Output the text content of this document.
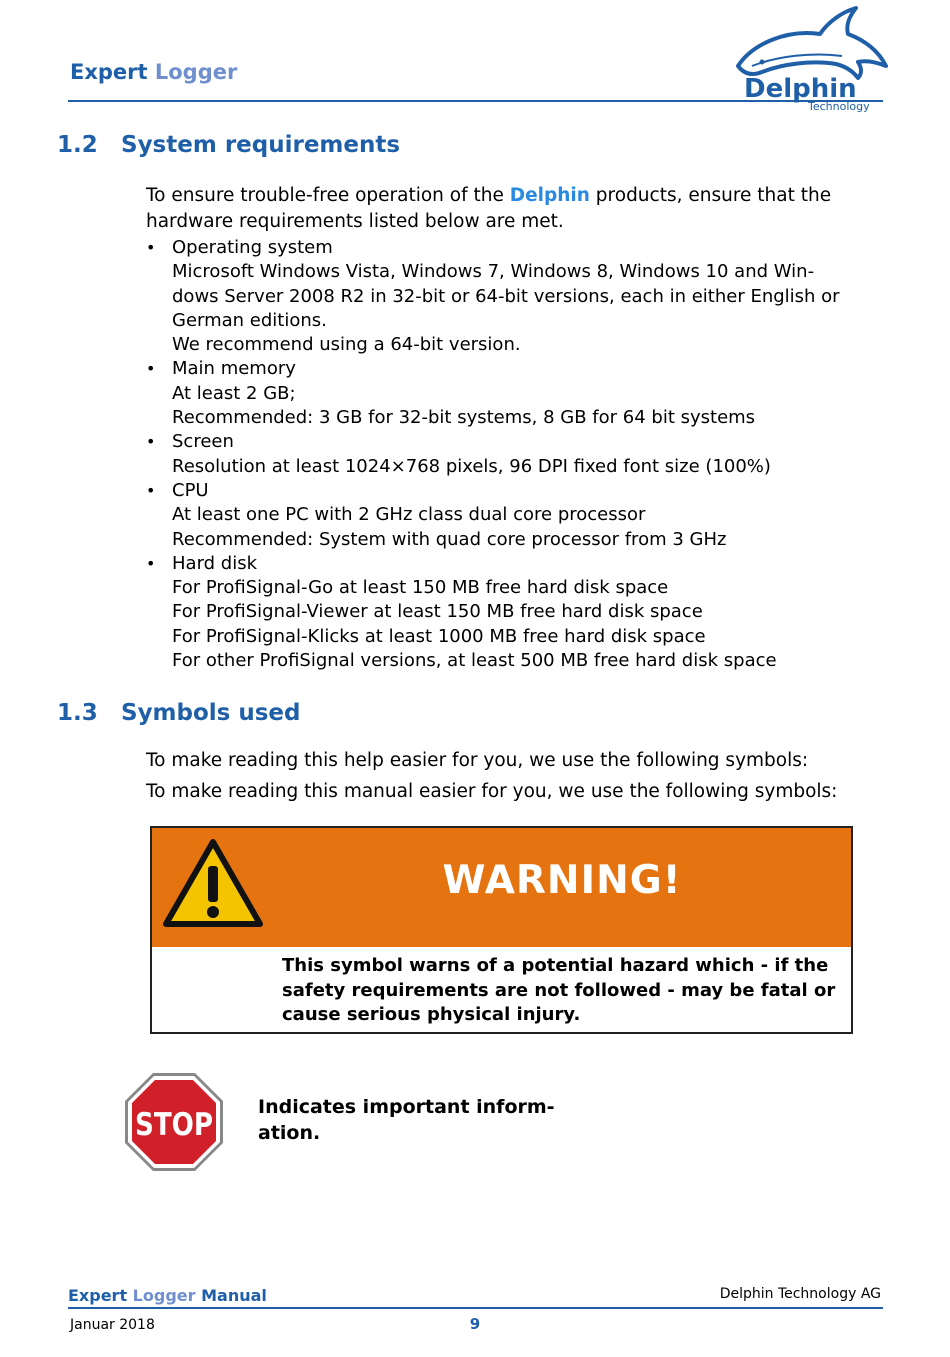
Expert Logger
Delphin
Technology
1.2 System requirements
To ensure trouble-free operation of the Delphin products, ensure that the hardware requirements listed below are met.
• Operating system
Microsoft Windows Vista, Windows 7, Windows 8, Windows 10 and Win-
dows Server 2008 R2 in 32-bit or 64-bit versions, each in either English or
German editions.
We recommend using a 64-bit version.
• Main memory
At least 2 GB;
Recommended: 3 GB for 32-bit systems, 8 GB for 64 bit systems
• Screen
Resolution at least 1024×768 pixels, 96 DPI fixed font size (100%)
• CPU
At least one PC with 2 GHz class dual core processor
Recommended: System with quad core processor from 3 GHz
• Hard disk
For ProfiSignal-Go at least 150 MB free hard disk space
For ProfiSignal-Viewer at least 150 MB free hard disk space
For ProfiSignal-Klicks at least 1000 MB free hard disk space
For other ProfiSignal versions, at least 500 MB free hard disk space
1.3 Symbols used
To make reading this help easier for you, we use the following symbols:
To make reading this manual easier for you, we use the following symbols:
WARNING!
This symbol warns of a potential hazard which - if the safety requirements are not followed - may be fatal or cause serious physical injury.
STOP Indicates important inform-
ation.
Expert Logger Manual	Delphin Technology AG
Januar 2018	9
